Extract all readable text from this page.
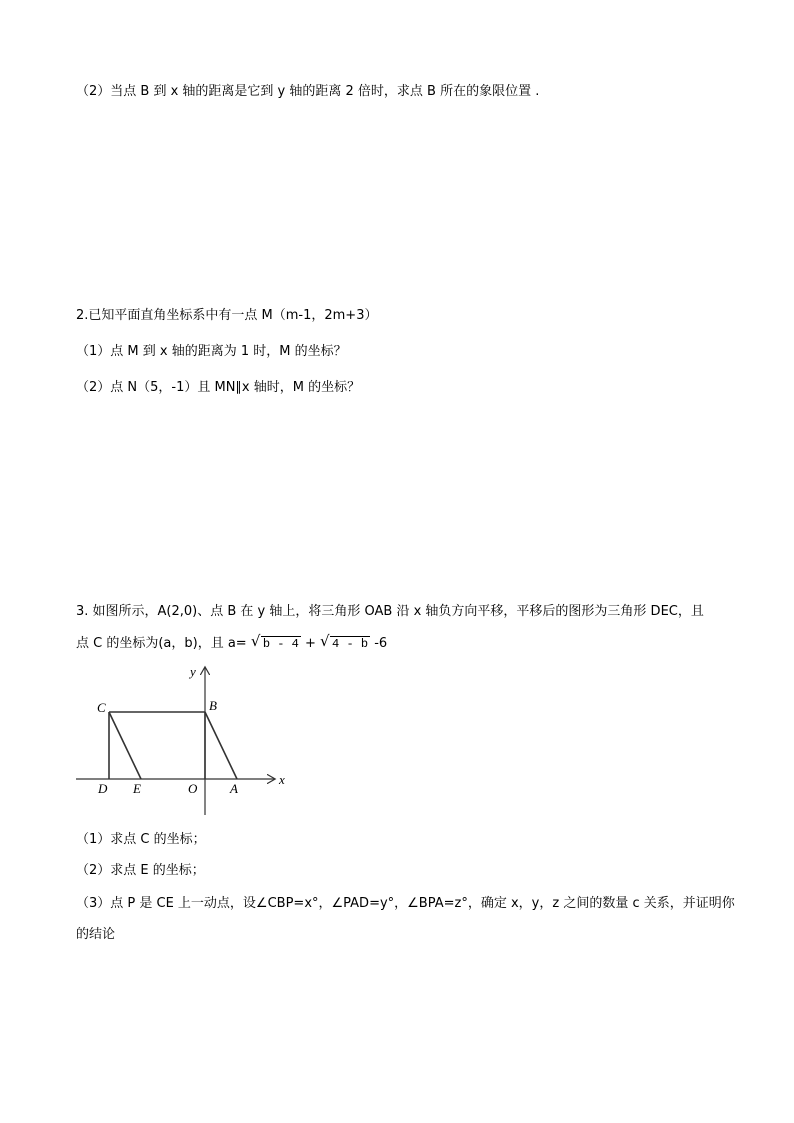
（2）当点 B 到 x 轴的距离是它到 y 轴的距离 2 倍时，求点 B 所在的象限位置 .
2.已知平面直角坐标系中有一点 M（m-1，2m+3）
（1）点 M 到 x 轴的距离为 1 时，M 的坐标？
（2）点 N（5，-1）且 MN∥x 轴时，M 的坐标？
3. 如图所示，A(2,0)、点 B 在 y 轴上，将三角形 OAB 沿 x 轴负方向平移，平移后的图形为三角形 DEC，且
点 C 的坐标为(a，b)，且 a= √ b - 4 + √ 4 - b -6
y
x
C	B
D E	O	A
（1）求点 C 的坐标；
（2）求点 E 的坐标；
（3）点 P 是 CE 上一动点，设∠CBP=x°，∠PAD=y°，∠BPA=z°，确定 x，y，z 之间的数量 c 关系，并证明你
的结论
